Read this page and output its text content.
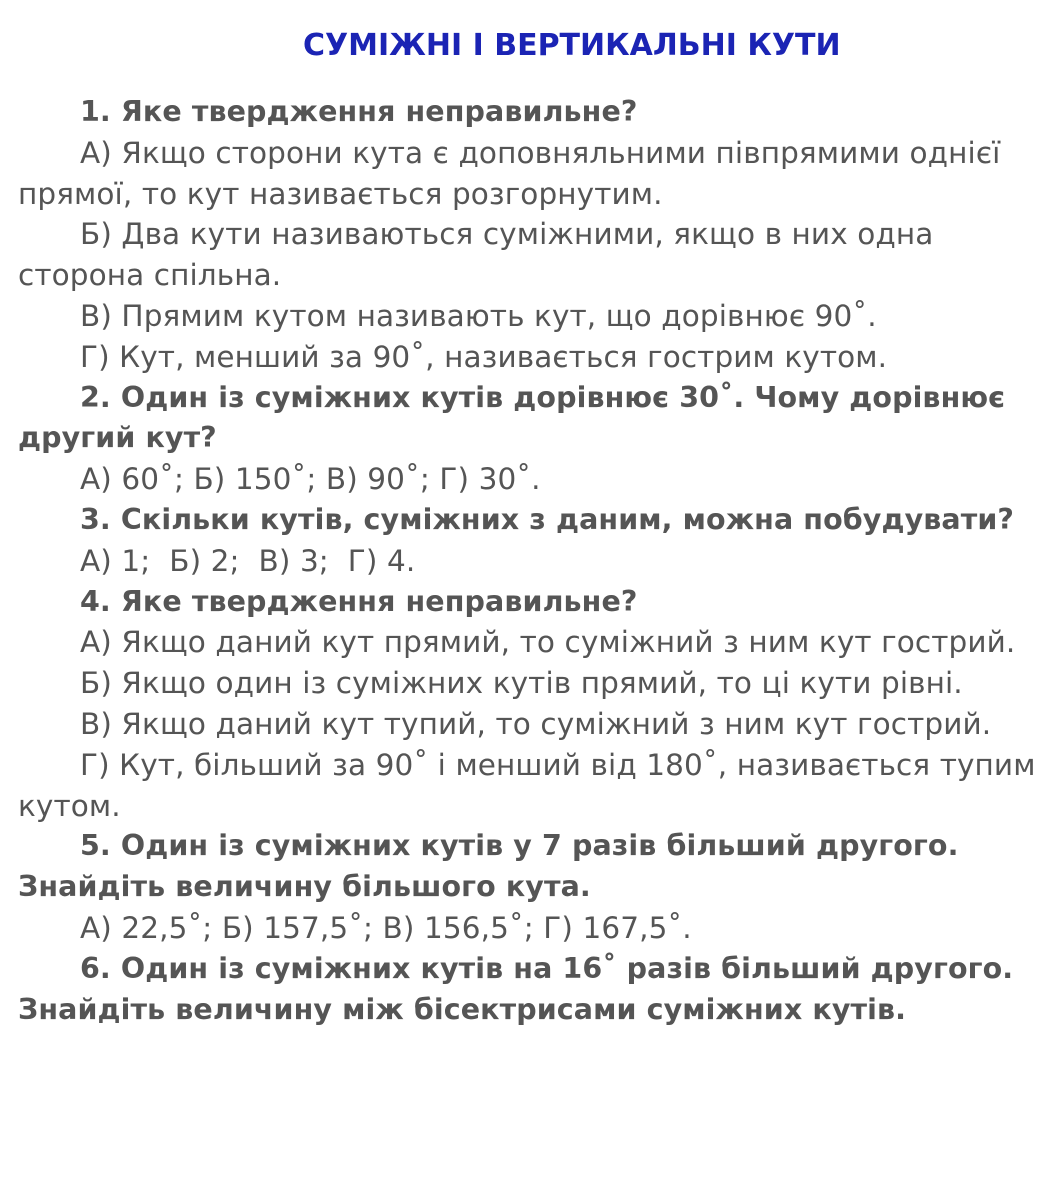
СУМІЖНІ І ВЕРТИКАЛЬНІ КУТИ

1. Яке твердження неправильне?

А) Якщо сторони кута є доповняльними півпрямими однієї прямої, то кут називається розгорнутим.

Б) Два кути називаються суміжними, якщо в них одна сторона спільна.

В) Прямим кутом називають кут, що дорівнює 90˚.

Г) Кут, менший за 90˚, називається гострим кутом.

2. Один із суміжних кутів дорівнює 30˚. Чому дорівнює другий кут?

А) 60˚; Б) 150˚; В) 90˚; Г) 30˚.

3. Скільки кутів, суміжних з даним, можна побудувати?

А) 1;  Б) 2;  В) 3;  Г) 4.

4. Яке твердження неправильне?

А) Якщо даний кут прямий, то суміжний з ним кут гострий.

Б) Якщо один із суміжних кутів прямий, то ці кути рівні.

В) Якщо даний кут тупий, то суміжний з ним кут гострий.

Г) Кут, більший за 90˚ і менший від 180˚, називається тупим кутом.

5. Один із суміжних кутів у 7 разів більший другого. Знайдіть величину більшого кута.

А) 22,5˚; Б) 157,5˚; В) 156,5˚; Г) 167,5˚.

6. Один із суміжних кутів на 16˚ разів більший другого. Знайдіть величину між бісектрисами суміжних кутів.
